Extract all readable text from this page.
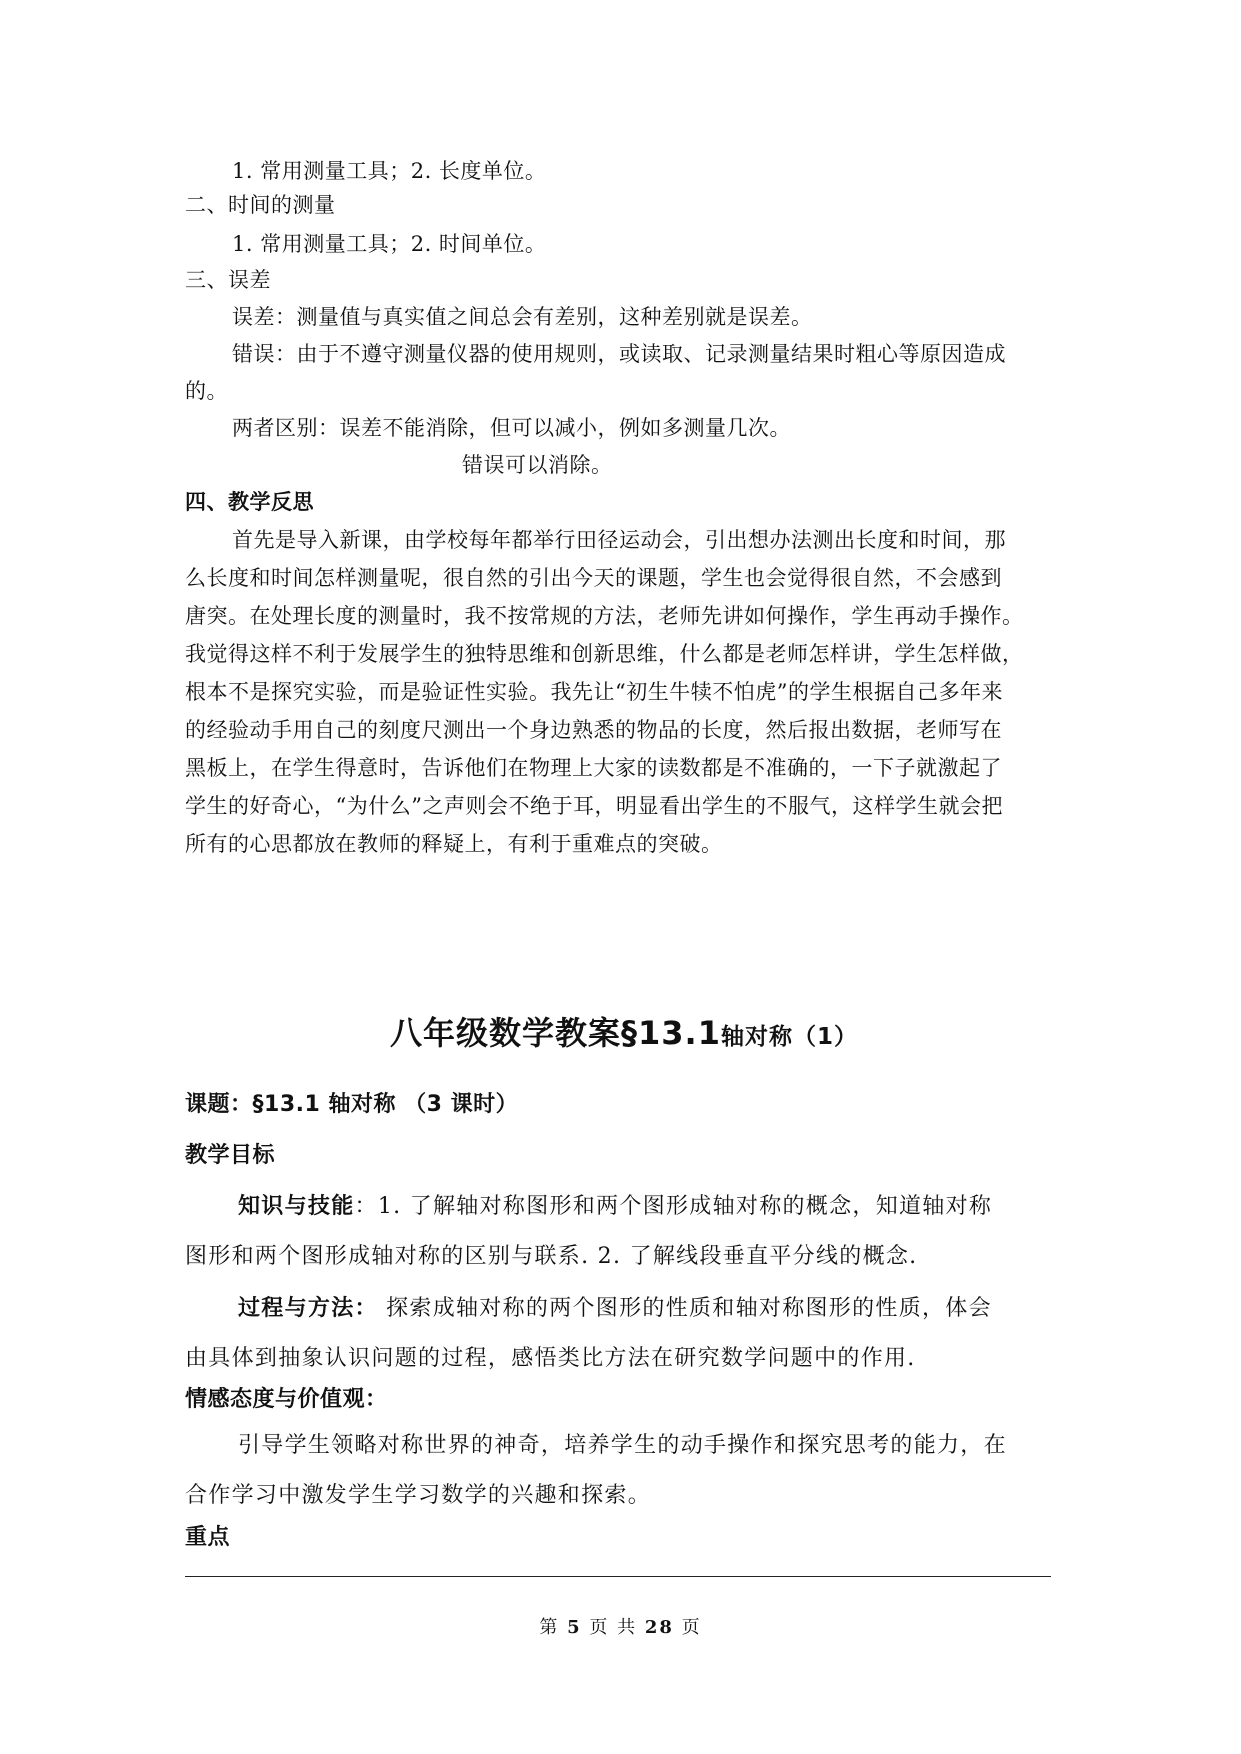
1. 常用测量工具；2. 长度单位。
二、时间的测量
1. 常用测量工具；2. 时间单位。
三、误差
误差：测量值与真实值之间总会有差别，这种差别就是误差。
错误：由于不遵守测量仪器的使用规则，或读取、记录测量结果时粗心等原因造成
的。
两者区别：误差不能消除，但可以减小，例如多测量几次。
错误可以消除。
四、教学反思
首先是导入新课，由学校每年都举行田径运动会，引出想办法测出长度和时间，那
么长度和时间怎样测量呢，很自然的引出今天的课题，学生也会觉得很自然，不会感到
唐突。在处理长度的测量时，我不按常规的方法，老师先讲如何操作，学生再动手操作。
我觉得这样不利于发展学生的独特思维和创新思维，什么都是老师怎样讲，学生怎样做，
根本不是探究实验，而是验证性实验。我先让“初生牛犊不怕虎”的学生根据自己多年来
的经验动手用自己的刻度尺测出一个身边熟悉的物品的长度，然后报出数据，老师写在
黑板上，在学生得意时，告诉他们在物理上大家的读数都是不准确的，一下子就激起了
学生的好奇心，“为什么”之声则会不绝于耳，明显看出学生的不服气，这样学生就会把
所有的心思都放在教师的释疑上，有利于重难点的突破。
八年级数学教案§13.1轴对称（1）
课题：§13.1 轴对称 （3 课时）
教学目标
知识与技能：1. 了解轴对称图形和两个图形成轴对称的概念，知道轴对称
图形和两个图形成轴对称的区别与联系. 2. 了解线段垂直平分线的概念.
过程与方法： 探索成轴对称的两个图形的性质和轴对称图形的性质，体会
由具体到抽象认识问题的过程，感悟类比方法在研究数学问题中的作用.
情感态度与价值观：
引导学生领略对称世界的神奇，培养学生的动手操作和探究思考的能力，在
合作学习中激发学生学习数学的兴趣和探索。
重点
第 5 页 共 28 页
